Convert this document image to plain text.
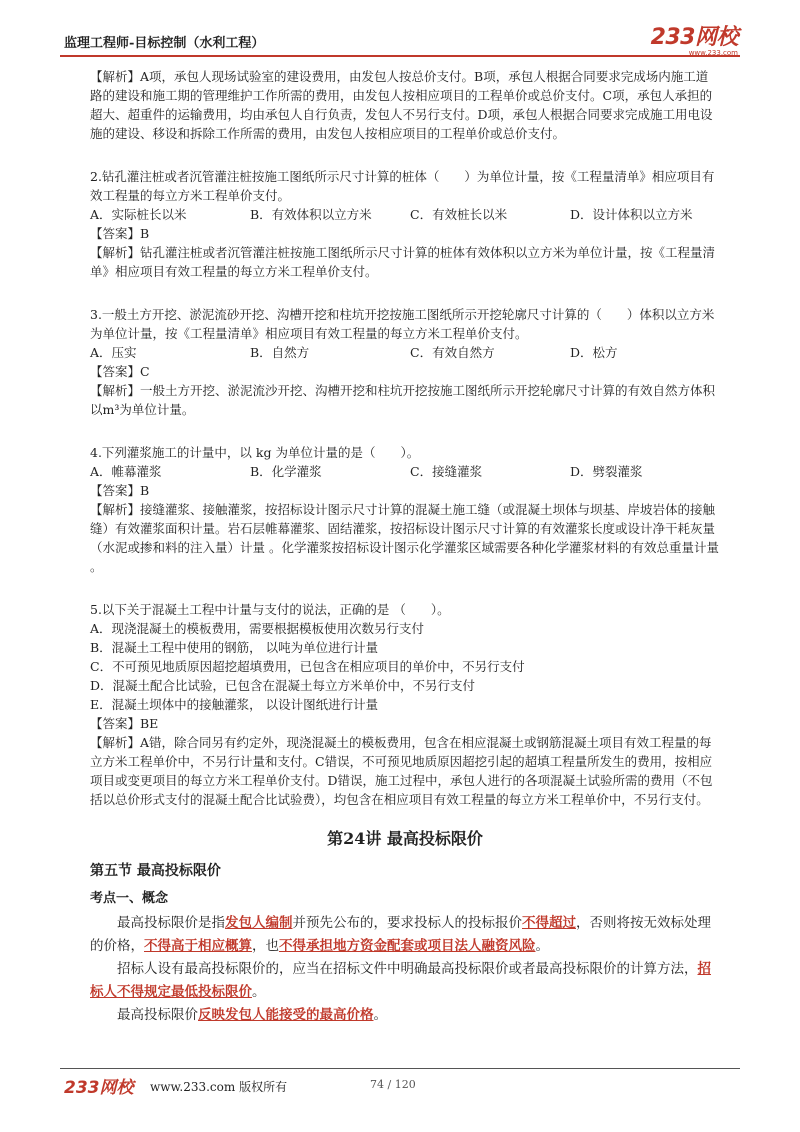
监理工程师-目标控制（水利工程）	233网校
www.233.com

【解析】A项，承包人现场试验室的建设费用，由发包人按总价支付。B项，承包人根据合同要求完成场内施工道路的建设和施工期的管理维护工作所需的费用，由发包人按相应项目的工程单价或总价支付。C项，承包人承担的超大、超重件的运输费用，均由承包人自行负责，发包人不另行支付。D项，承包人根据合同要求完成施工用电设施的建设、移设和拆除工作所需的费用，由发包人按相应项目的工程单价或总价支付。

2.钻孔灌注桩或者沉管灌注桩按施工图纸所示尺寸计算的桩体（　　）为单位计量，按《工程量清单》相应项目有效工程量的每立方米工程单价支付。

A．实际桩长以米	B．有效体积以立方米	C．有效桩长以米	D．设计体积以立方米

【答案】B

【解析】钻孔灌注桩或者沉管灌注桩按施工图纸所示尺寸计算的桩体有效体积以立方米为单位计量，按《工程量清单》相应项目有效工程量的每立方米工程单价支付。

3.一般土方开挖、淤泥流砂开挖、沟槽开挖和柱坑开挖按施工图纸所示开挖轮廓尺寸计算的（　　）体积以立方米为单位计量，按《工程量清单》相应项目有效工程量的每立方米工程单价支付。

A．压实	B．自然方	C．有效自然方	D．松方

【答案】C

【解析】一般土方开挖、淤泥流沙开挖、沟槽开挖和柱坑开挖按施工图纸所示开挖轮廓尺寸计算的有效自然方体积以m³为单位计量。

4.下列灌浆施工的计量中，以 kg 为单位计量的是（　　）。

A．帷幕灌浆	B．化学灌浆	C．接缝灌浆	D．劈裂灌浆

【答案】B

【解析】接缝灌浆、接触灌浆，按招标设计图示尺寸计算的混凝土施工缝（或混凝土坝体与坝基、岸坡岩体的接触缝）有效灌浆面积计量。岩石层帷幕灌浆、固结灌浆，按招标设计图示尺寸计算的有效灌浆长度或设计净干耗灰量（水泥或掺和料的注入量）计量 。化学灌浆按招标设计图示化学灌浆区域需要各种化学灌浆材料的有效总重量计量 。

5.以下关于混凝土工程中计量与支付的说法，正确的是 （　　）。

A．现浇混凝土的模板费用，需要根据模板使用次数另行支付

B．混凝土工程中使用的钢筋， 以吨为单位进行计量

C．不可预见地质原因超挖超填费用，已包含在相应项目的单价中，不另行支付

D．混凝土配合比试验，已包含在混凝土每立方米单价中，不另行支付

E．混凝土坝体中的接触灌浆， 以设计图纸进行计量

【答案】BE

【解析】A错，除合同另有约定外，现浇混凝土的模板费用，包含在相应混凝土或钢筋混凝土项目有效工程量的每立方米工程单价中，不另行计量和支付。C错误，不可预见地质原因超挖引起的超填工程量所发生的费用，按相应项目或变更项目的每立方米工程单价支付。D错误，施工过程中，承包人进行的各项混凝土试验所需的费用（不包括以总价形式支付的混凝土配合比试验费），均包含在相应项目有效工程量的每立方米工程单价中，不另行支付。

第24讲 最高投标限价
第五节 最高投标限价
考点一、概念

最高投标限价是指发包人编制并预先公布的，要求投标人的投标报价不得超过，否则将按无效标处理的价格，不得高于相应概算，也不得承担地方资金配套或项目法人融资风险。

招标人设有最高投标限价的，应当在招标文件中明确最高投标限价或者最高投标限价的计算方法，招标人不得规定最低投标限价。

最高投标限价反映发包人能接受的最高价格。

233网校 www.233.com 版权所有	74 / 120
